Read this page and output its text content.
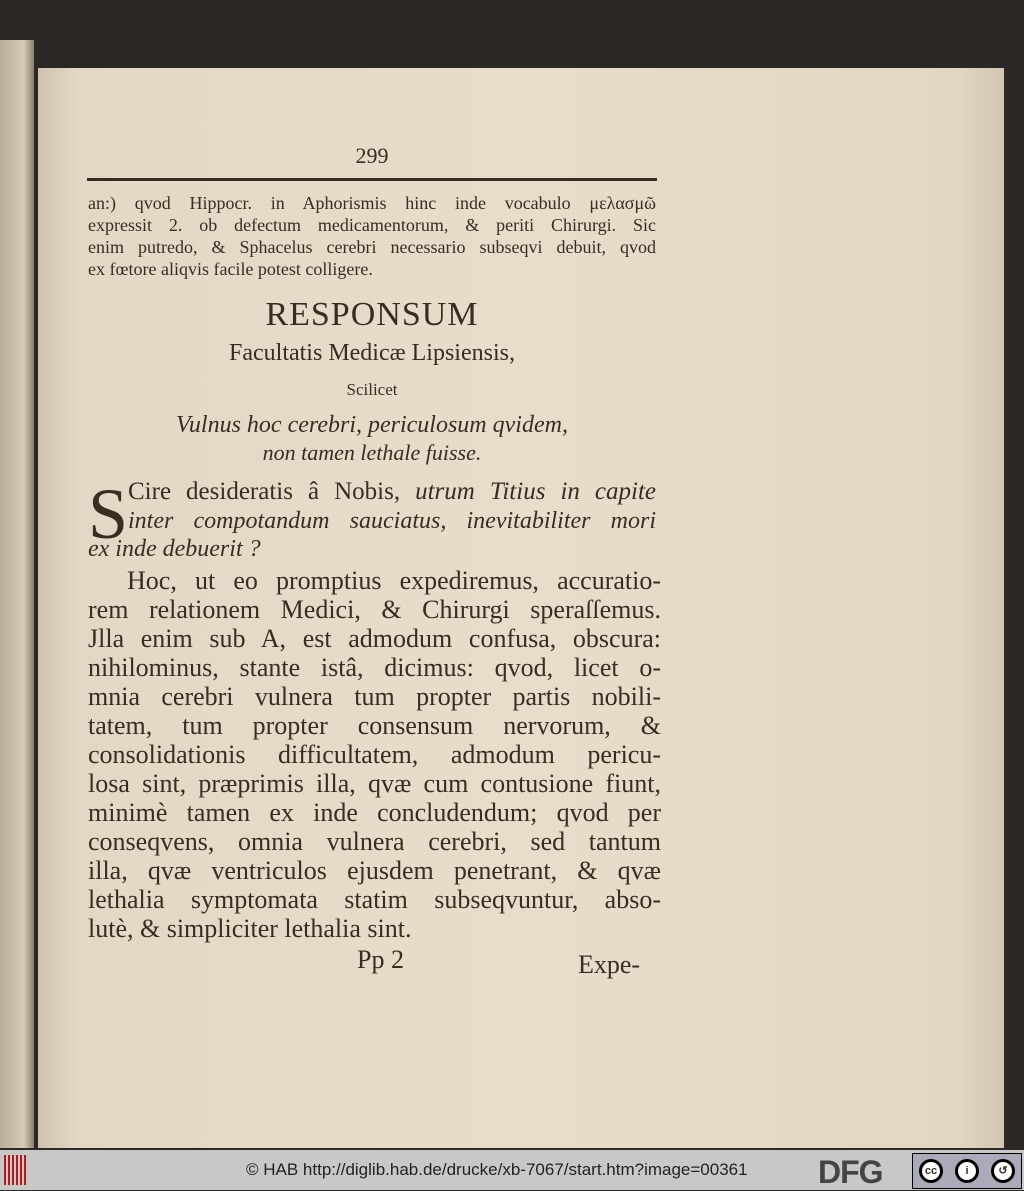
299
an:) qvod Hippocr. in Aphorismis hinc inde vocabulo μελασμῶ
expressit 2. ob defectum medicamentorum, & periti Chirurgi. Sic
enim putredo, & Sphacelus cerebri necessario subseqvi debuit, qvod
ex fœtore aliqvis facile potest colligere.
RESPONSUM
Facultatis Medicæ Lipsiensis,
Scilicet
Vulnus hoc cerebri, periculosum qvidem,
non tamen lethale fuisse.
S Cire desideratis â Nobis, utrum Titius in capite
inter compotandum sauciatus, inevitabiliter mori
ex inde debuerit ?
Hoc, ut eo promptius expediremus, accuratio-
rem relationem Medici, & Chirurgi speraſſemus.
Jlla enim sub A, est admodum confusa, obscura:
nihilominus, stante istâ, dicimus: qvod, licet o-
mnia cerebri vulnera tum propter partis nobili-
tatem, tum propter consensum nervorum, &
consolidationis difficultatem, admodum pericu-
losa sint, præprimis illa, qvæ cum contusione fiunt,
minimè tamen ex inde concludendum; qvod per
conseqvens, omnia vulnera cerebri, sed tantum
illa, qvæ ventriculos ejusdem penetrant, & qvæ
lethalia symptomata statim subseqvuntur, abso-
lutè, & simpliciter lethalia sint.
Pp 2	Expe-
© HAB http://diglib.hab.de/drucke/xb-7067/start.htm?image=00361 DFG	cc	i	↺
